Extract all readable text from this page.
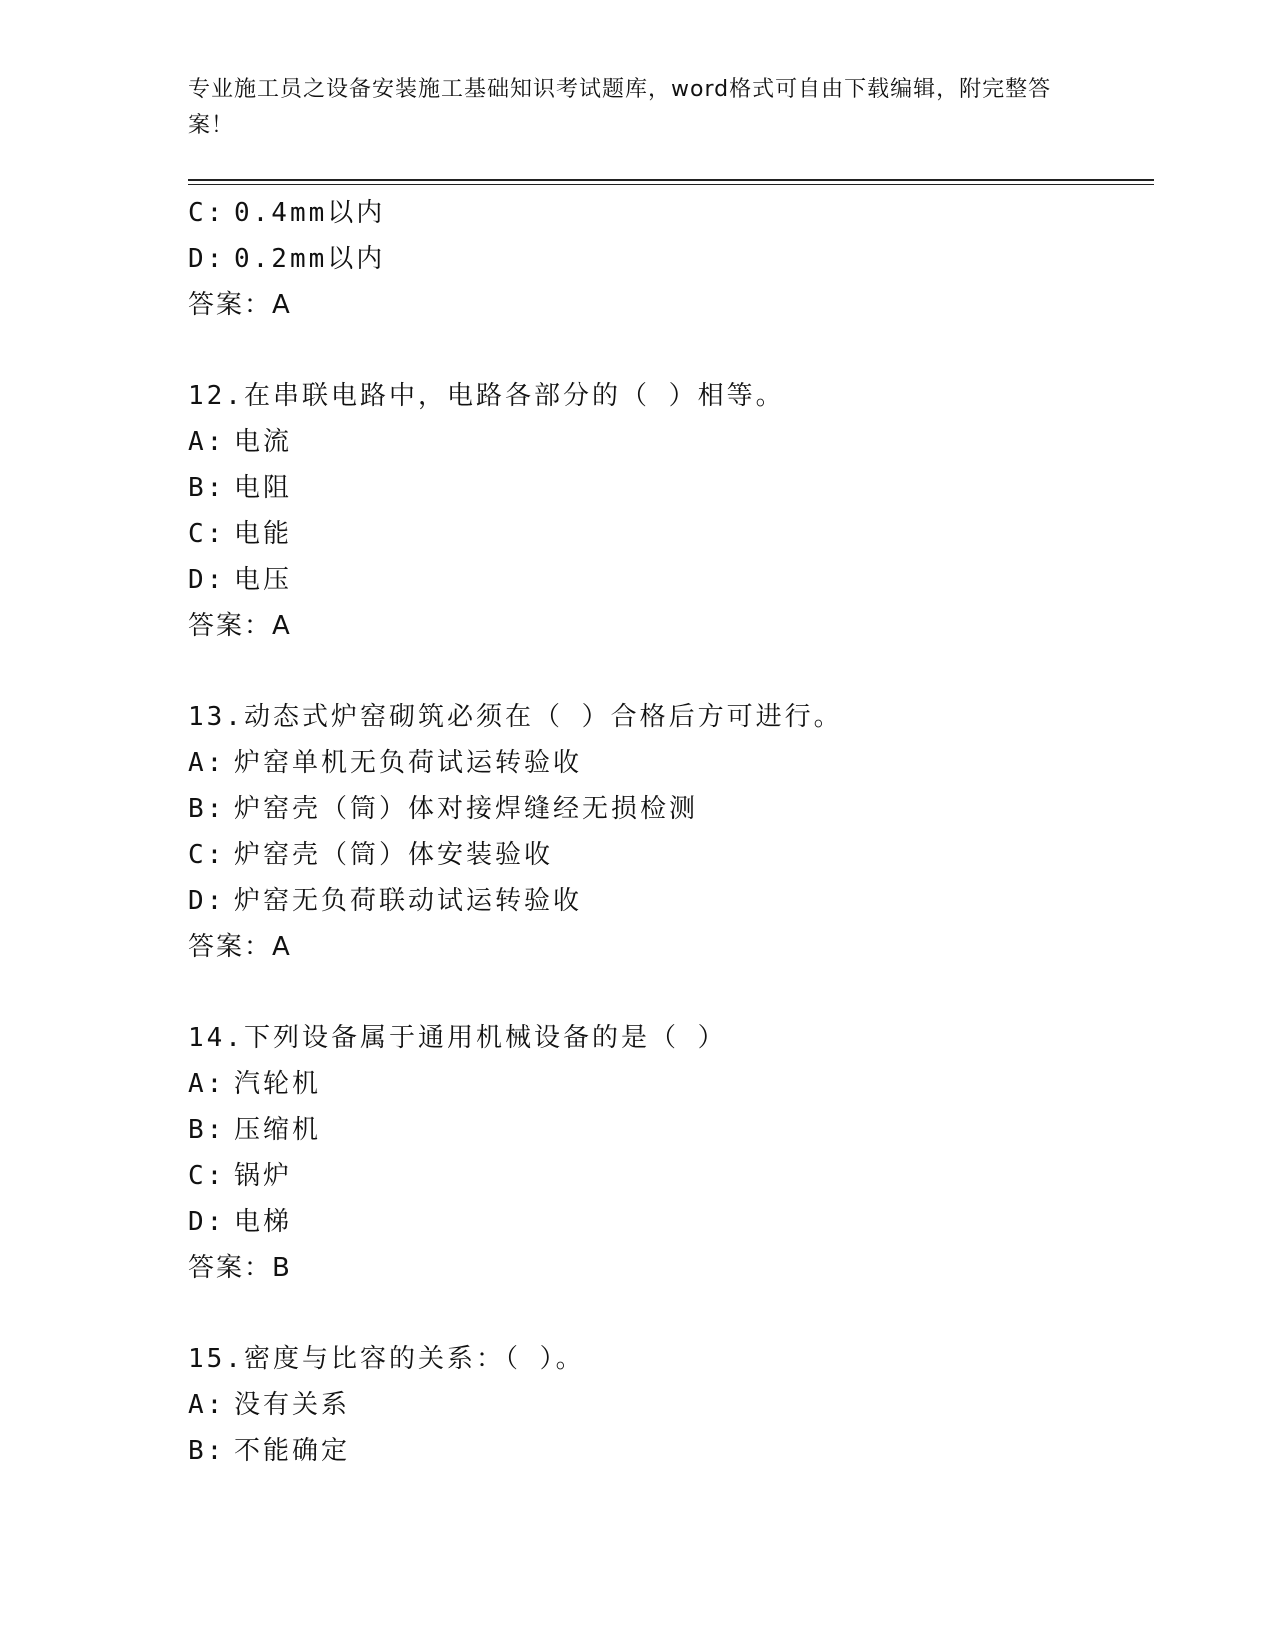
专业施工员之设备安装施工基础知识考试题库，word格式可自由下载编辑，附完整答案！
C: 0.4mm以内
D: 0.2mm以内
答案：A
12.在串联电路中，电路各部分的（ ）相等。
A: 电流
B: 电阻
C: 电能
D: 电压
答案：A
13.动态式炉窑砌筑必须在（ ）合格后方可进行。
A: 炉窑单机无负荷试运转验收
B: 炉窑壳（筒）体对接焊缝经无损检测
C: 炉窑壳（筒）体安装验收
D: 炉窑无负荷联动试运转验收
答案：A
14.下列设备属于通用机械设备的是（ ）
A: 汽轮机
B: 压缩机
C: 锅炉
D: 电梯
答案：B
15.密度与比容的关系：（ ）。
A: 没有关系
B: 不能确定
